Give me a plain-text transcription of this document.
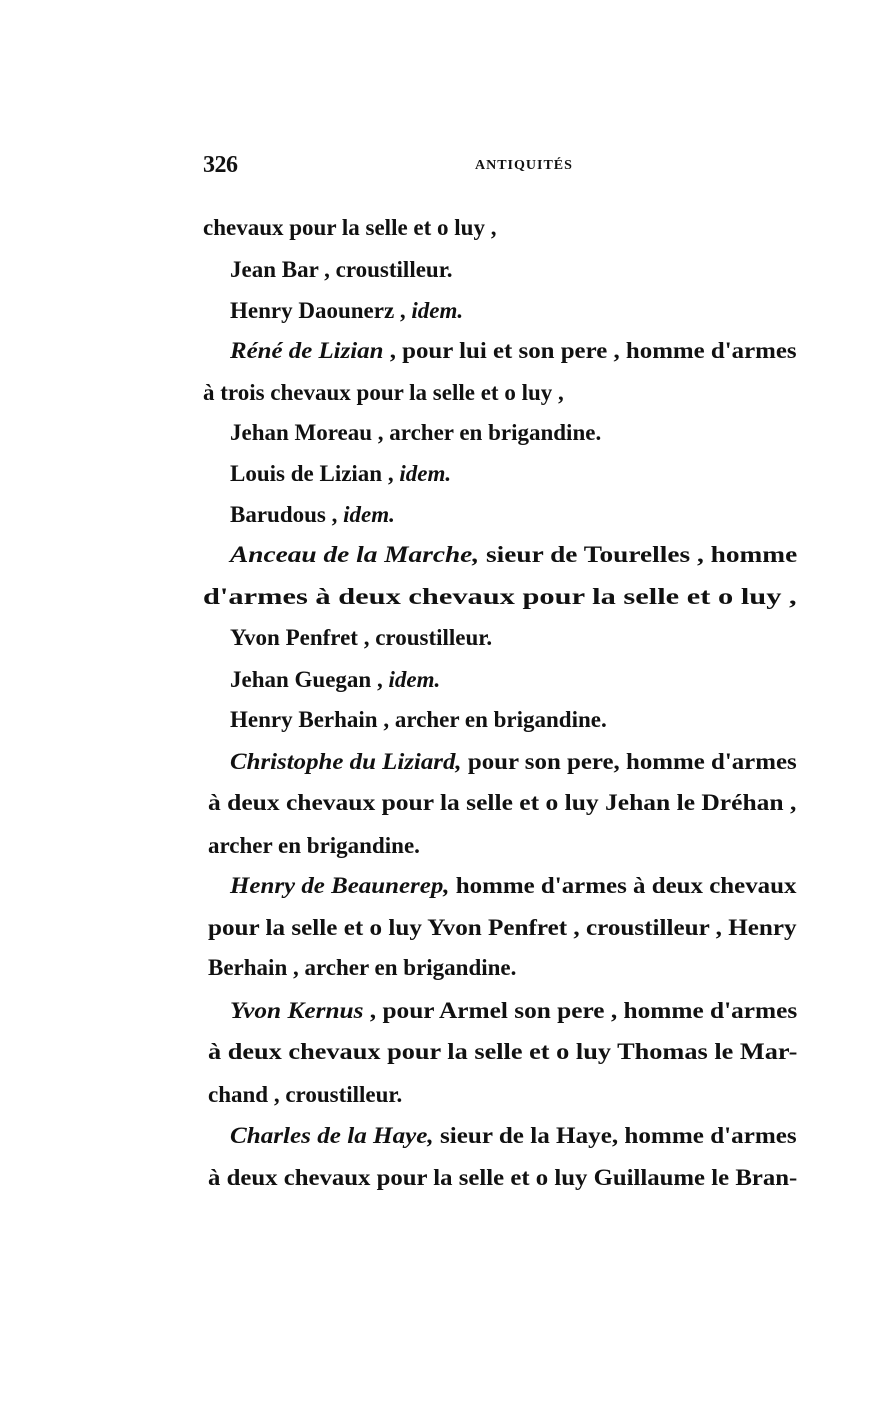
326	ANTIQUITÉS
chevaux pour la selle et o luy ,
Jean Bar , croustilleur.
Henry Daounerz , idem.
Réné de Lizian , pour lui et son pere , homme d'armes
à trois chevaux pour la selle et o luy ,
Jehan Moreau , archer en brigandine.
Louis de Lizian , idem.
Barudous , idem.
Anceau de la Marche, sieur de Tourelles , homme
d'armes à deux chevaux pour la selle et o luy ,
Yvon Penfret , croustilleur.
Jehan Guegan , idem.
Henry Berhain , archer en brigandine.
Christophe du Liziard, pour son pere, homme d'armes
à deux chevaux pour la selle et o luy Jehan le Dréhan ,
archer en brigandine.
Henry de Beaunerep, homme d'armes à deux chevaux
pour la selle et o luy Yvon Penfret , croustilleur , Henry
Berhain , archer en brigandine.
Yvon Kernus , pour Armel son pere , homme d'armes
à deux chevaux pour la selle et o luy Thomas le Mar-
chand , croustilleur.
Charles de la Haye, sieur de la Haye, homme d'armes
à deux chevaux pour la selle et o luy Guillaume le Bran-
